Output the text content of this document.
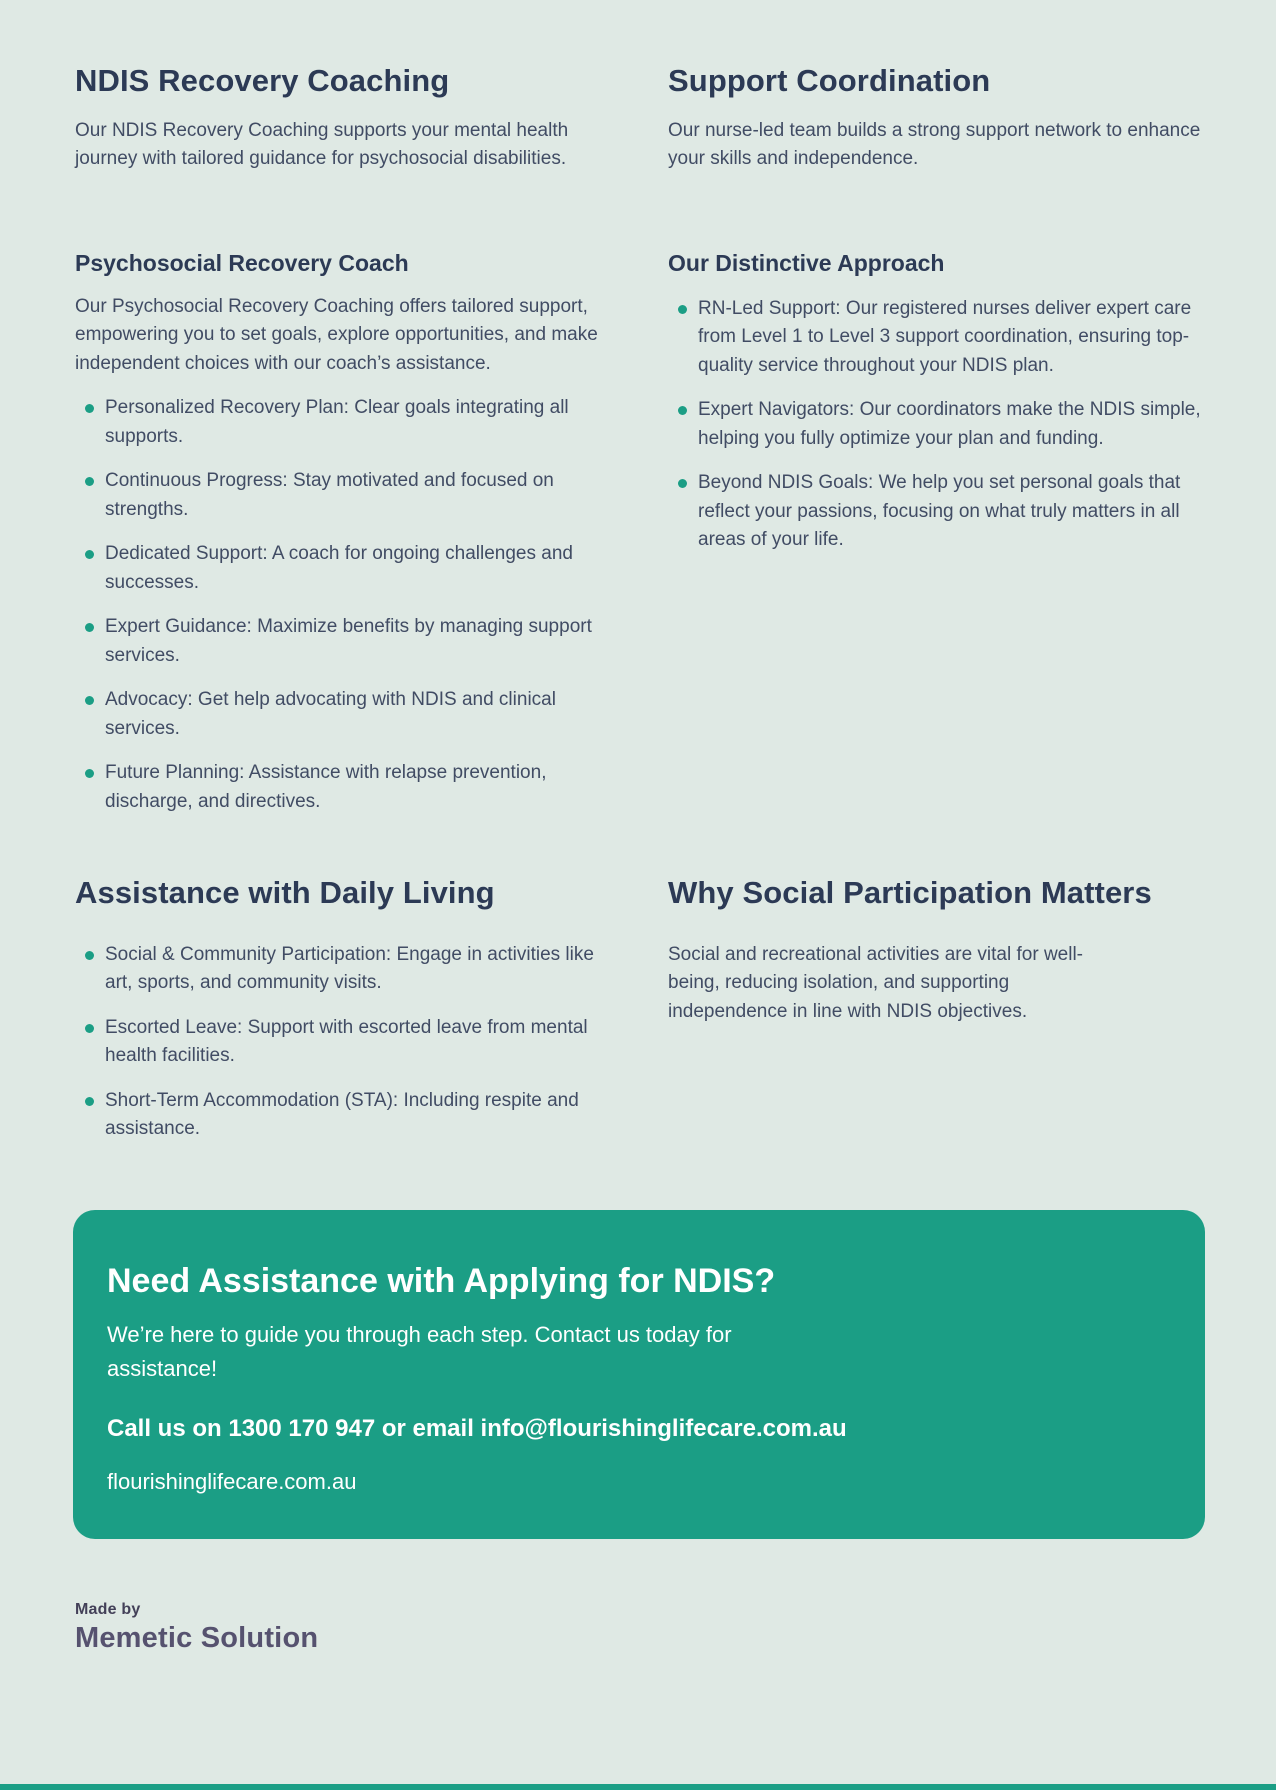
NDIS Recovery Coaching

Our NDIS Recovery Coaching supports your mental health journey with tailored guidance for psychosocial disabilities.

Psychosocial Recovery Coach

Our Psychosocial Recovery Coaching offers tailored support, empowering you to set goals, explore opportunities, and make independent choices with our coach’s assistance.

Personalized Recovery Plan: Clear goals integrating all supports.
Continuous Progress: Stay motivated and focused on strengths.
Dedicated Support: A coach for ongoing challenges and successes.
Expert Guidance: Maximize benefits by managing support services.
Advocacy: Get help advocating with NDIS and clinical services.
Future Planning: Assistance with relapse prevention, discharge, and directives.
Support Coordination

Our nurse-led team builds a strong support network to enhance your skills and independence.

Our Distinctive Approach
RN-Led Support: Our registered nurses deliver expert care from Level 1 to Level 3 support coordination, ensuring top-quality service throughout your NDIS plan.
Expert Navigators: Our coordinators make the NDIS simple, helping you fully optimize your plan and funding.
Beyond NDIS Goals: We help you set personal goals that reflect your passions, focusing on what truly matters in all areas of your life.
Assistance with Daily Living
Social & Community Participation: Engage in activities like art, sports, and community visits.
Escorted Leave: Support with escorted leave from mental health facilities.
Short-Term Accommodation (STA): Including respite and assistance.
Why Social Participation Matters

Social and recreational activities are vital for well-being, reducing isolation, and supporting independence in line with NDIS objectives.

Need Assistance with Applying for NDIS?

We’re here to guide you through each step. Contact us today for assistance!

Call us on 1300 170 947 or email info@flourishinglifecare.com.au
flourishinglifecare.com.au
Made by
Memetic Solution
